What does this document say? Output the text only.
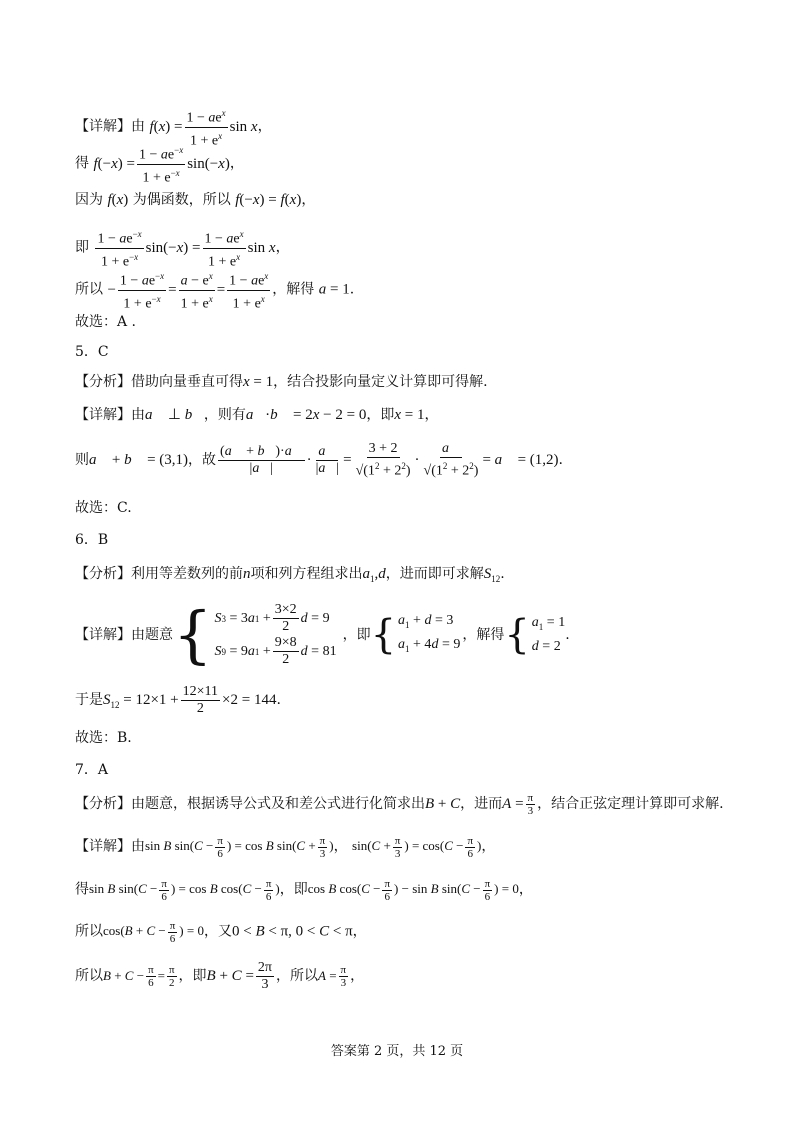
【详解】由 $f(x) = \frac{1 - ae^x}{1 + e^x}$ sin x，
得 $f(-x) = \frac{1 - ae^{-x}}{1 + e^{-x}} \sin(-x)$，
因为 f(x) 为偶函数，所以 f(−x) = f(x)，
即 $\frac{1 - ae^{-x}}{1 + e^{-x}} \sin(-x) = \frac{1 - ae^x}{1 + e^x}$ sin x，
所以 − $\frac{1 - ae^{-x}}{1 + e^{-x}} = \frac{a - e^x}{1 + e^x} = \frac{1 - ae^x}{1 + e^x}$ ，解得 a = 1.
故选：A .
5．C
【分析】借助向量垂直可得x = 1，结合投影向量定义计算即可得解.
【详解】由a⃗ ⊥ b⃗，则有a⃗·b⃗ = 2x − 2 = 0，即x = 1，
则a⃗ + b⃗ = (3,1)，故 $\frac{(a⃗ + b⃗)\cdot a⃗}{|a⃗|} \cdot \frac{a⃗}{|a⃗|} = \frac{3 + 2}{√(1^2 + 2^2)} \cdot \frac{a⃗}{√(1^2 + 2^2)}$ = a⃗ = (1,2).
故选：C.
6．B
【分析】利用等差数列的前n项和列方程组求出$a_1,d$，进而即可求解$S_{12}$.
【详解】由题意 { S 3 = 3 a $1 + \frac{3\times 2}{2}$ d = 9
S 9 = 9 a $1 + \frac{9\times 8}{2}$ d = 81
，即 { $a_1 + d = 3$
$a_1 + 4d = 9$
，解得 { $a_1 = 1$
d = 2
.
于是$S_{12} = 12\times 1 + \frac{12\times 11}{2} \times 2 = 144$.
故选：B.
7．A
【分析】由题意，根据诱导公式及和差公式进行化简求出B + C，进而$A = \frac{\pi}{3}$ ，结合正弦定理计算即可求解.
【详解】由sin B $\sin(C - \frac{\pi}{6}$ ) = cos B $\sin(C + \frac{\pi}{3}$ )， $\sin(C + \frac{\pi}{3}$ ) = $\cos(C - \frac{\pi}{6}$ )，
得sin B $\sin(C - \frac{\pi}{6}$ ) = cos B $\cos(C - \frac{\pi}{6}$ )，即cos B $\cos(C - \frac{\pi}{6}$ ) − sin B $\sin(C - \frac{\pi}{6}$ ) = 0，
所以$\cos(B + C - \frac{\pi}{6}$ ) = 0，又0 < B < π, 0 < C < π，
所以$B + C - \frac{\pi}{6} = \frac{\pi}{2}$ ，即$B + C = \frac{2\pi}{3}$ ，所以$A = \frac{\pi}{3}$ ，
答案第 2 页，共 12 页
